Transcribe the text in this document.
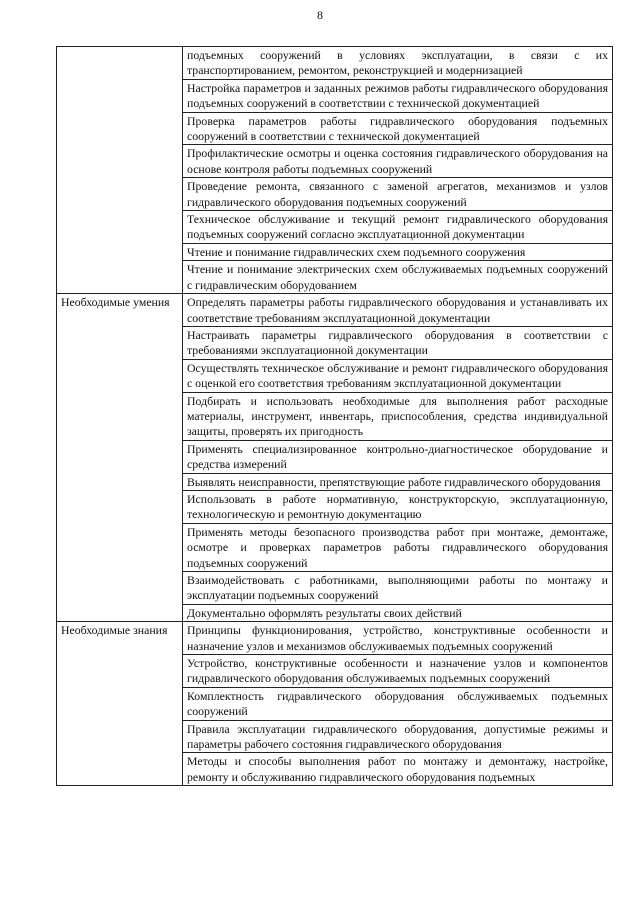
8
	подъемных сооружений в условиях эксплуатации, в связи с их транспортированием, ремонтом, реконструкцией и модернизацией
	Настройка параметров и заданных режимов работы гидравлического оборудования подъемных сооружений в соответствии с технической документацией
	Проверка параметров работы гидравлического оборудования подъемных сооружений в соответствии с технической документацией
	Профилактические осмотры и оценка состояния гидравлического оборудования на основе контроля работы подъемных сооружений
	Проведение ремонта, связанного с заменой агрегатов, механизмов и узлов гидравлического оборудования подъемных сооружений
	Техническое обслуживание и текущий ремонт гидравлического оборудования подъемных сооружений согласно эксплуатационной документации
	Чтение и понимание гидравлических схем подъемного сооружения
	Чтение и понимание электрических схем обслуживаемых подъемных сооружений с гидравлическим оборудованием
Необходимые умения	Определять параметры работы гидравлического оборудования и устанавливать их соответствие требованиям эксплуатационной документации
	Настраивать параметры гидравлического оборудования в соответствии с требованиями эксплуатационной документации
	Осуществлять техническое обслуживание и ремонт гидравлического оборудования с оценкой его соответствия требованиям эксплуатационной документации
	Подбирать и использовать необходимые для выполнения работ расходные материалы, инструмент, инвентарь, приспособления, средства индивидуальной защиты, проверять их пригодность
	Применять специализированное контрольно-диагностическое оборудование и средства измерений
	Выявлять неисправности, препятствующие работе гидравлического оборудования
	Использовать в работе нормативную, конструкторскую, эксплуатационную, технологическую и ремонтную документацию
	Применять методы безопасного производства работ при монтаже, демонтаже, осмотре и проверках параметров работы гидравлического оборудования подъемных сооружений
	Взаимодействовать с работниками, выполняющими работы по монтажу и эксплуатации подъемных сооружений
	Документально оформлять результаты своих действий
Необходимые знания	Принципы функционирования, устройство, конструктивные особенности и назначение узлов и механизмов обслуживаемых подъемных сооружений
	Устройство, конструктивные особенности и назначение узлов и компонентов гидравлического оборудования обслуживаемых подъемных сооружений
	Комплектность гидравлического оборудования обслуживаемых подъемных сооружений
	Правила эксплуатации гидравлического оборудования, допустимые режимы и параметры рабочего состояния гидравлического оборудования
	Методы и способы выполнения работ по монтажу и демонтажу, настройке, ремонту и обслуживанию гидравлического оборудования подъемных
